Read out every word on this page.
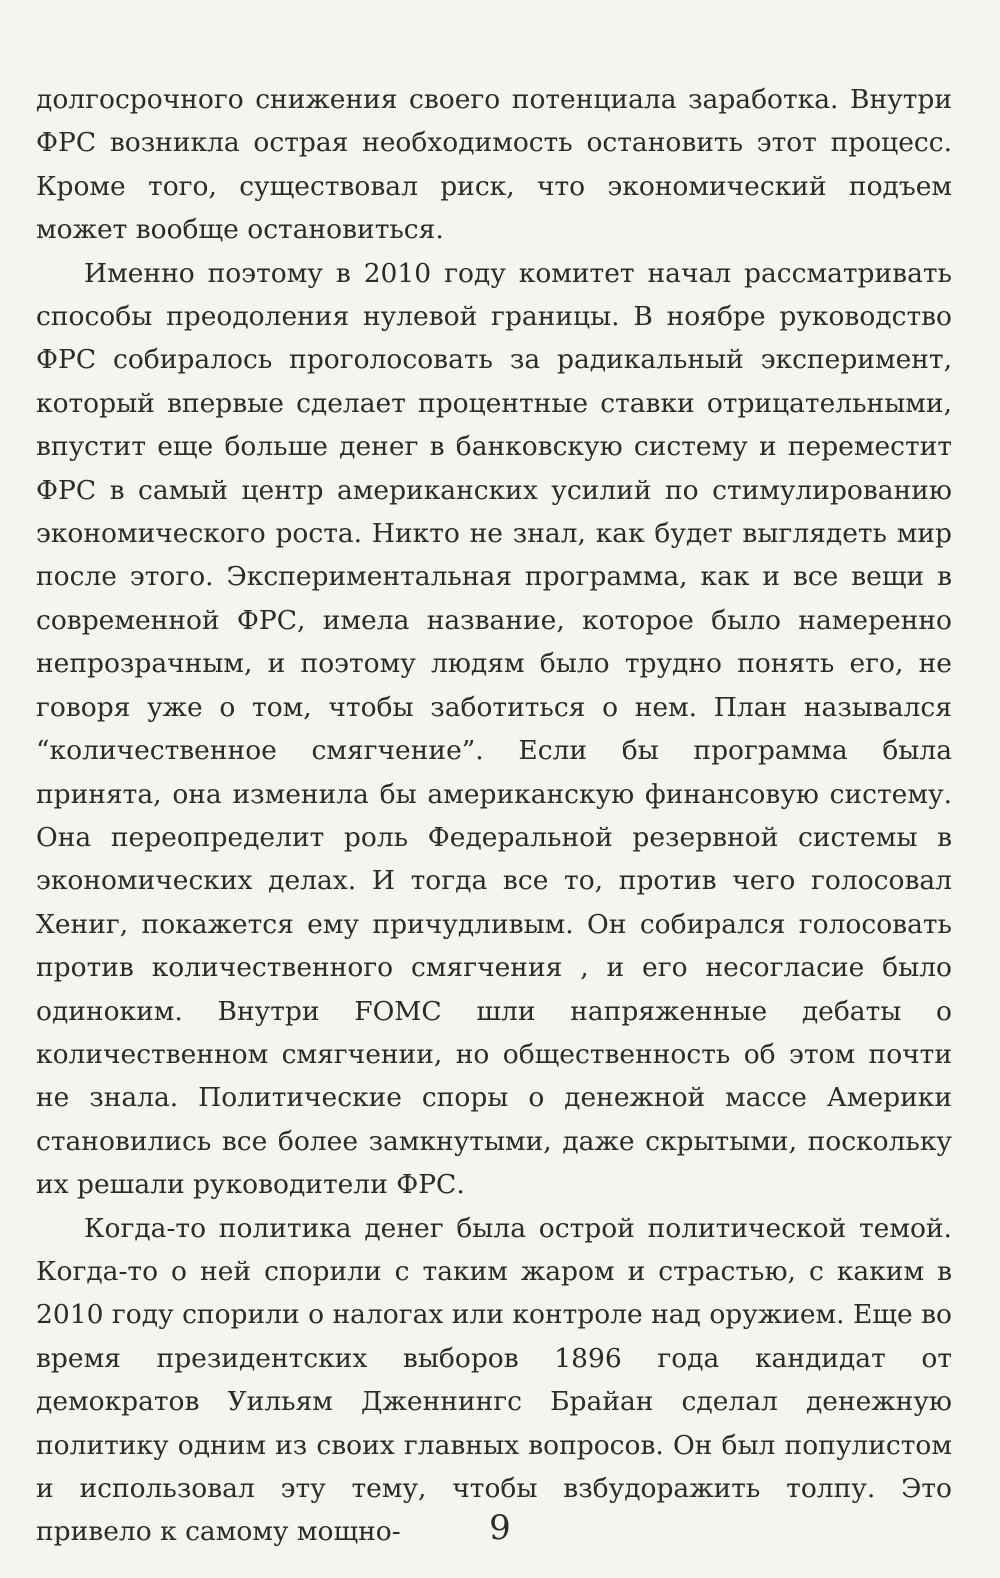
долгосрочного снижения своего потенциала заработка. Внутри ФРС возникла острая необходимость остановить этот процесс. Кроме того, существовал риск, что экономический подъем может вообще остановиться.

Именно поэтому в 2010 году комитет начал рассматривать способы преодоления нулевой границы. В ноябре руководство ФРС собиралось проголосовать за радикальный эксперимент, который впервые сделает процентные ставки отрицательными, впустит еще больше денег в банковскую систему и переместит ФРС в самый центр американских усилий по стимулированию экономического роста. Никто не знал, как будет выглядеть мир после этого. Экспериментальная программа, как и все вещи в современной ФРС, имела название, которое было намеренно непрозрачным, и поэтому людям было трудно понять его, не говоря уже о том, чтобы заботиться о нем. План назывался “количественное смягчение”. Если бы программа была принята, она изменила бы американскую финансовую систему. Она переопределит роль Федеральной резервной системы в экономических делах. И тогда все то, против чего голосовал Хениг, покажется ему причудливым. Он собирался голосовать против количественного смягчения , и его несогласие было одиноким. Внутри FOMC шли напряженные дебаты о количественном смягчении, но общественность об этом почти не знала. Политические споры о денежной массе Америки становились все более замкнутыми, даже скрытыми, поскольку их решали руководители ФРС.

Когда-то политика денег была острой политической темой. Когда-то о ней спорили с таким жаром и страстью, с каким в 2010 году спорили о налогах или контроле над оружием. Еще во время президентских выборов 1896 года кандидат от демократов Уильям Дженнингс Брайан сделал денежную политику одним из своих главных вопросов. Он был популистом и использовал эту тему, чтобы взбудоражить толпу. Это привело к самому мощно-	9
